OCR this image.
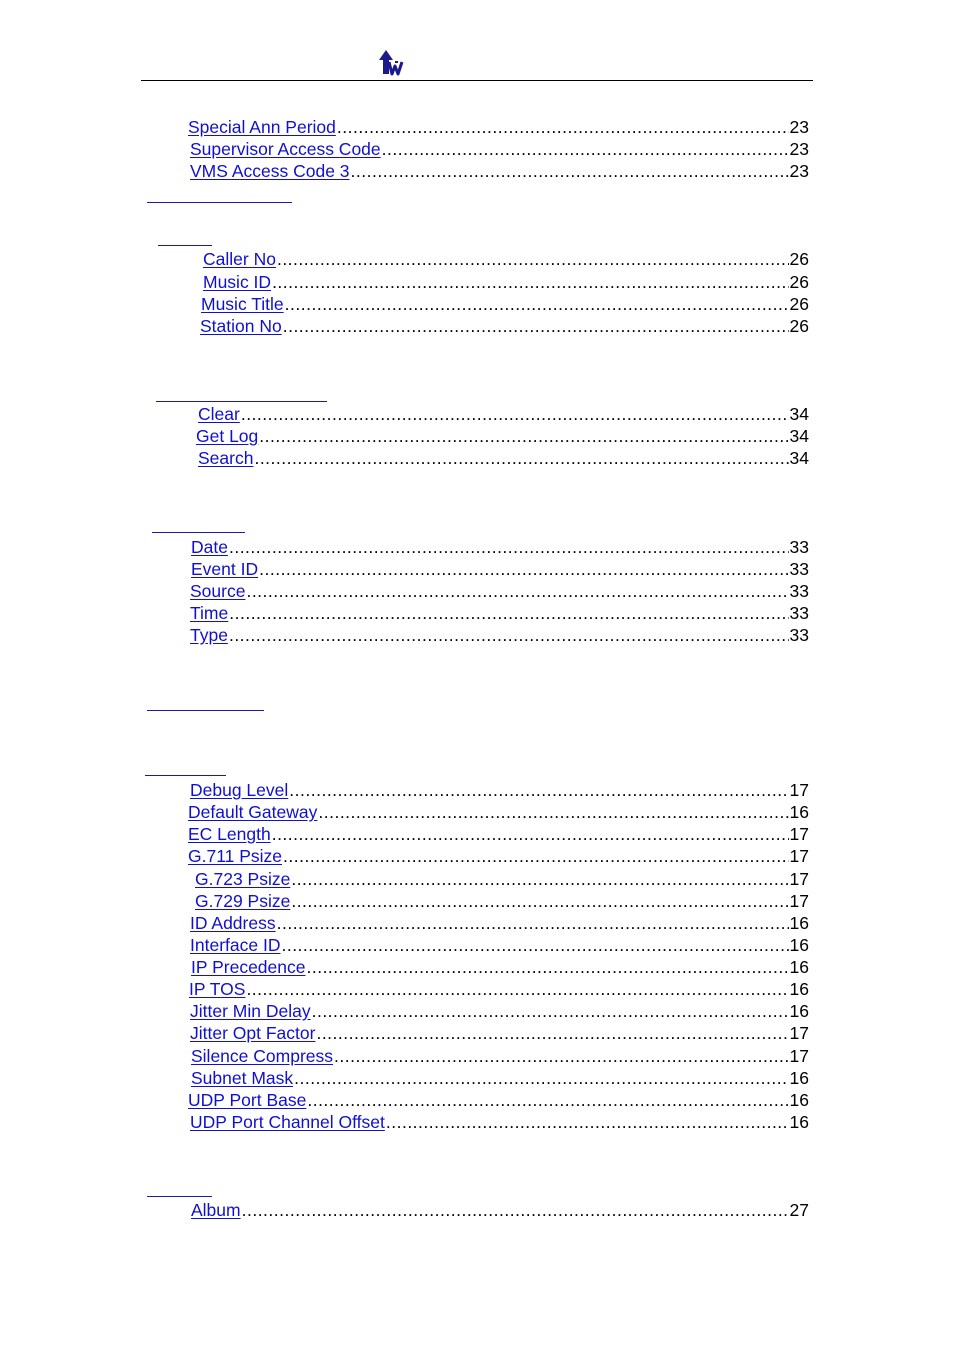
Special Ann Period .....	23
Supervisor Access Code .....	23
VMS Access Code 3 .....	23
Caller No .....	26
Music ID .....	26
Music Title .....	26
Station No .....	26
Clear .....	34
Get Log .....	34
Search .....	34
Date .....	33
Event ID .....	33
Source .....	33
Time .....	33
Type .....	33
Debug Level .....	17
Default Gateway .....	16
EC Length .....	17
G.711 Psize .....	17
G.723 Psize .....	17
G.729 Psize .....	17
ID Address .....	16
Interface ID .....	16
IP Precedence .....	16
IP TOS .....	16
Jitter Min Delay .....	16
Jitter Opt Factor .....	17
Silence Compress .....	17
Subnet Mask .....	16
UDP Port Base .....	16
UDP Port Channel Offset .....	16
Album .....	27
